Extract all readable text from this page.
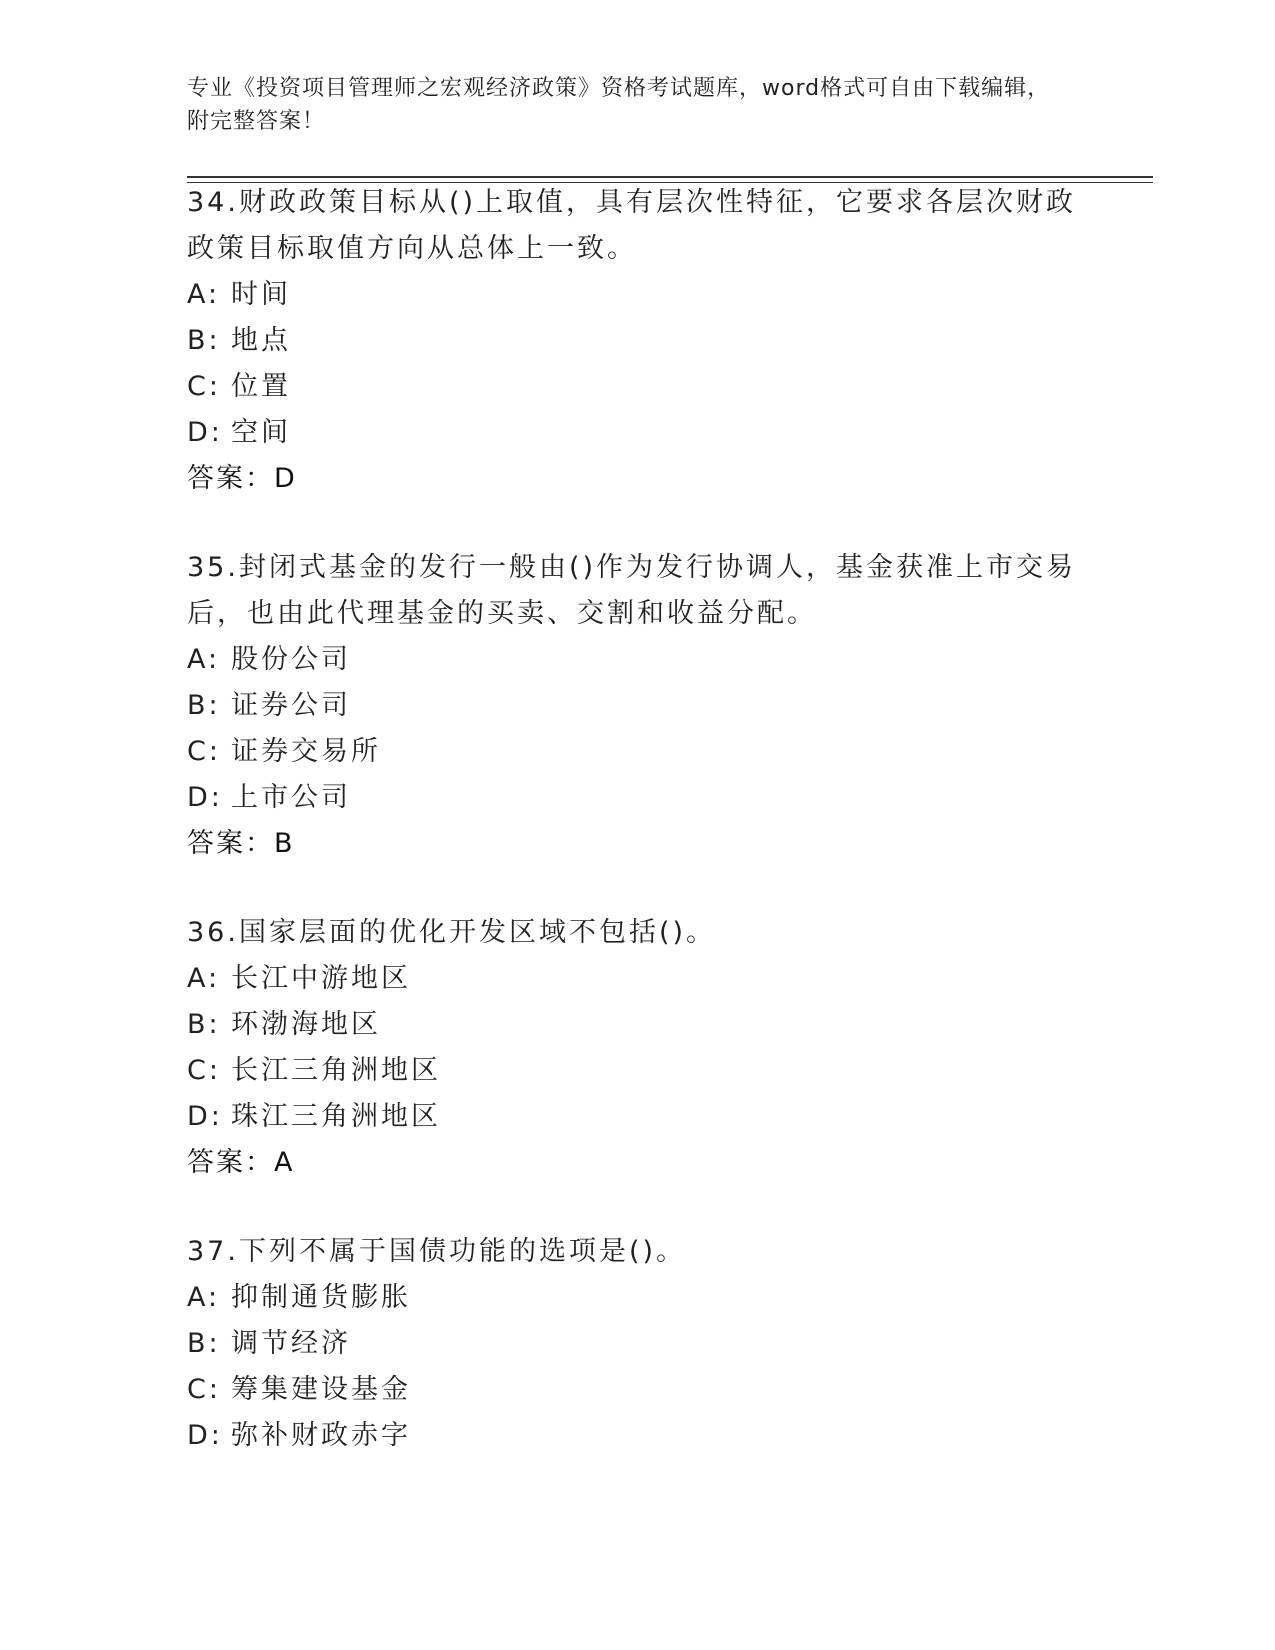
专业《投资项目管理师之宏观经济政策》资格考试题库，word格式可自由下载编辑，附完整答案！
34.财政政策目标从()上取值，具有层次性特征，它要求各层次财政政策目标取值方向从总体上一致。
A: 时间
B: 地点
C: 位置
D: 空间
答案：D
35.封闭式基金的发行一般由()作为发行协调人，基金获准上市交易后，也由此代理基金的买卖、交割和收益分配。
A: 股份公司
B: 证券公司
C: 证券交易所
D: 上市公司
答案：B
36.国家层面的优化开发区域不包括()。
A: 长江中游地区
B: 环渤海地区
C: 长江三角洲地区
D: 珠江三角洲地区
答案：A
37.下列不属于国债功能的选项是()。
A: 抑制通货膨胀
B: 调节经济
C: 筹集建设基金
D: 弥补财政赤字
